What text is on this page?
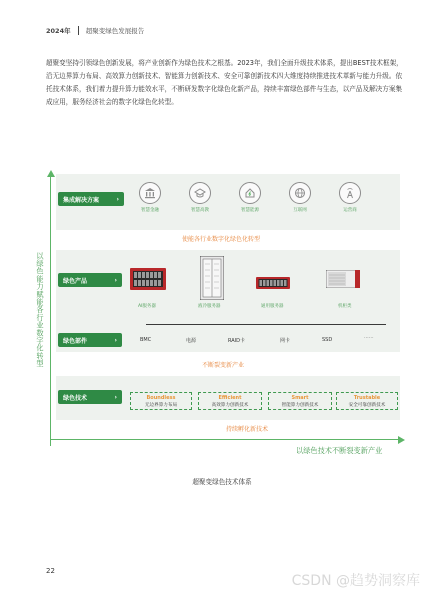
2024年 超聚变绿色发展报告

超聚变坚持引领绿色创新发展，将产业创新作为绿色技术之根基。2023年，我们全面升级技术体系，提出BEST技术框架，沿无边界算力布局、高效算力创新技术、智能算力创新技术、安全可靠创新技术四大维度持续推进技术革新与能力升级。依托技术体系，我们着力提升算力能效水平，不断研发数字化绿色化新产品，持续丰富绿色部件与生态，以产品及解决方案集成应用，服务经济社会的数字化绿色化转型。

以绿色能力赋能各行业数字化转型
以绿色技术不断裂变新产业
集成解决方案	›
智慧金融	智慧高教	智慧能源	互联网	运营商
使能各行业数字化绿色化转型
绿色产品	›
AI服务器	液冷服务器	通用服务器	机柜类
绿色部件	›	BMC	电源	RAID卡	网卡	SSD	......
不断裂变新产业
绿色技术	›	Boundless
无边界算力布局
Efficient
高效算力创新技术
Smart
智能算力创新技术
Trustable
安全可靠创新技术
持续孵化新技术
超聚变绿色技术体系
22
CSDN @趋势洞察库
